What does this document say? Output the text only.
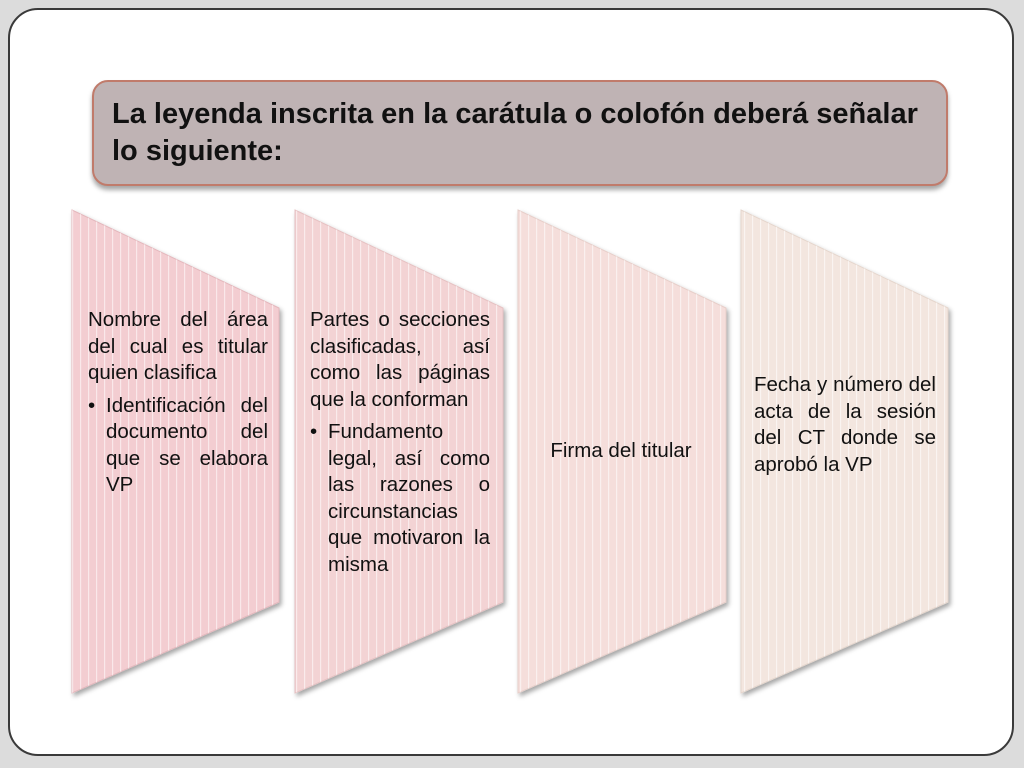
La leyenda inscrita en la carátula o colofón deberá señalar lo siguiente:

Nombre del área del cual es titular quien clasifica

• Identificación del documento del que se elabora VP

Partes o secciones clasificadas, así como las páginas que la conforman

• Fundamento legal, así como las razones o circunstancias que motivaron la misma

Firma del titular

Fecha y número del acta de la sesión del CT donde se aprobó la VP
